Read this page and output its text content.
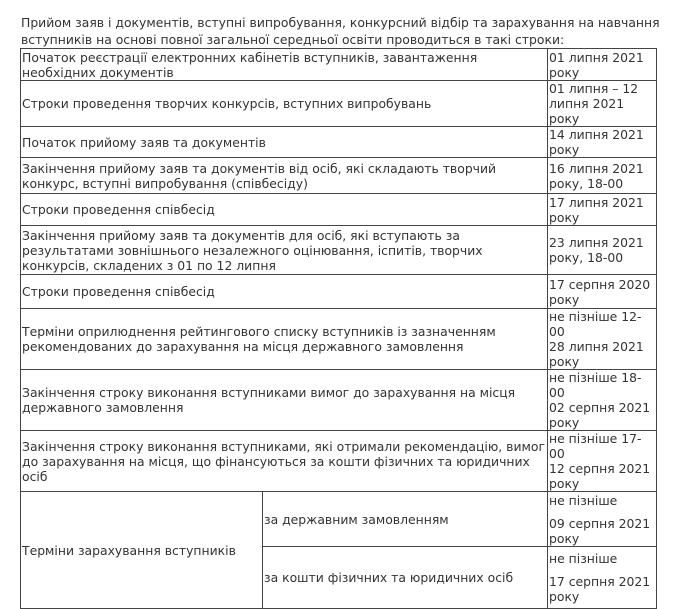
Прийом заяв і документів, вступні випробування, конкурсний відбір та зарахування на навчання вступників на основі повної загальної середньої освіти проводиться в такі строки:

Початок реєстрації електронних кабінетів вступників, завантаження необхідних документів		01 липня 2021
року

Строки проведення творчих конкурсів, вступних випробувань		01 липня – 12
липня 2021 року

Початок прийому заяв та документів		14 липня 2021
року

Закінчення прийому заяв та документів від осіб, які складають творчий конкурс, вступні випробування (співбесіду)		16 липня 2021
року, 18-00

Строки проведення співбесід		17 липня 2021
року

Закінчення прийому заяв та документів для осіб, які вступають за результатами зовнішнього незалежного оцінювання, іспитів, творчих конкурсів, складених з 01 по 12 липня		23 липня 2021
року, 18-00

Строки проведення співбесід		17 серпня 2020
року

Терміни оприлюднення рейтингового списку вступників із зазначенням рекомендованих до зарахування на місця державного замовлення		не пізніше 12-00
28 липня 2021
року

Закінчення строку виконання вступниками вимог до зарахування на місця державного замовлення		не пізніше 18-00
02 серпня 2021
року

Закінчення строку виконання вступниками, які отримали рекомендацію, вимог до зарахування на місця, що фінансуються за кошти фізичних та юридичних осіб		не пізніше 17-00
12 серпня 2021
року

Терміни зарахування вступників	за державним замовленням	не пізніше
09 серпня 2021
року

	за кошти фізичних та юридичних осіб	не пізніше
17 серпня 2021
року
